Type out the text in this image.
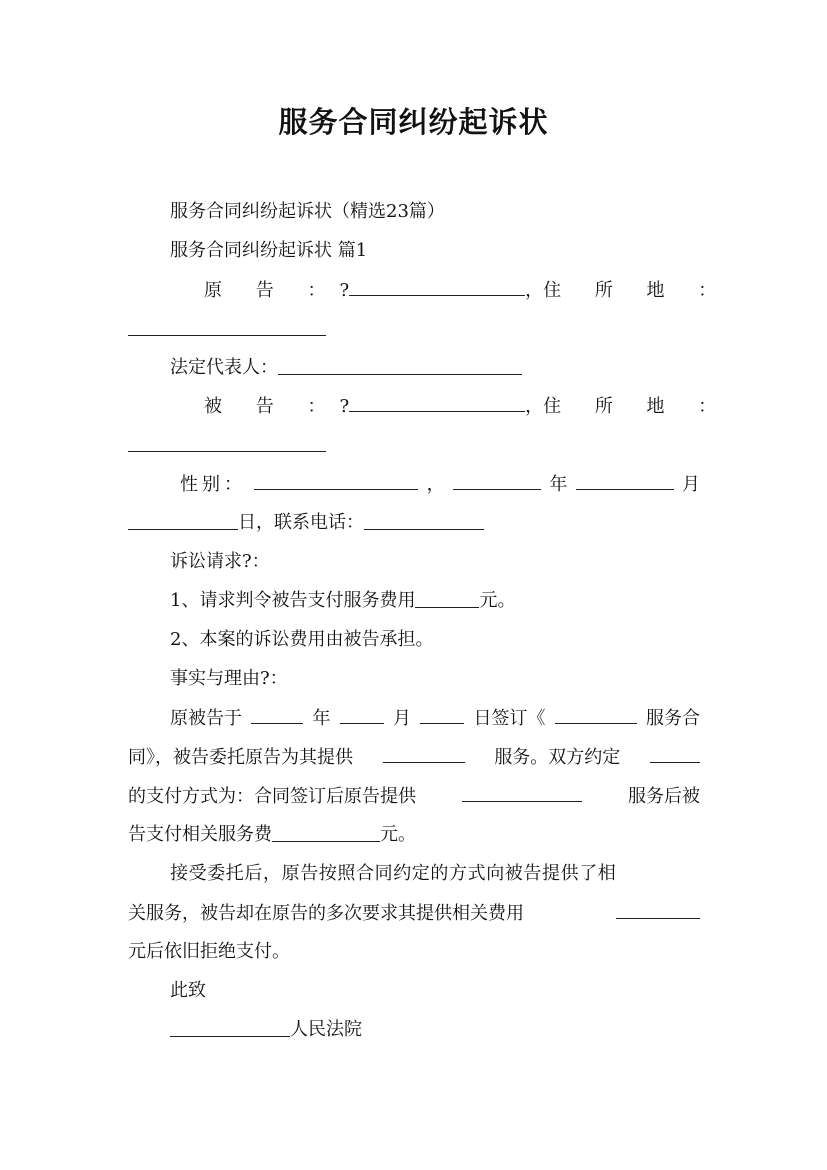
服务合同纠纷起诉状
服务合同纠纷起诉状（精选23篇）
服务合同纠纷起诉状 篇1
原 告 ： ?	， 住 所 地 ：
法定代表人：
被 告 ： ?	， 住 所 地 ：
性别：	，	年	月
日，联系电话：
诉讼请求?：
1、请求判令被告支付服务费用	元。
2、本案的诉讼费用由被告承担。
事实与理由?：
原被告于	年	月	日签订《	服务合
同》，被告委托原告为其提供	服务。双方约定
的支付方式为：合同签订后原告提供	服务后被
告支付相关服务费	元。
接受委托后，原告按照合同约定的方式向被告提供了相
关服务，被告却在原告的多次要求其提供相关费用
元后依旧拒绝支付。
此致
人民法院
